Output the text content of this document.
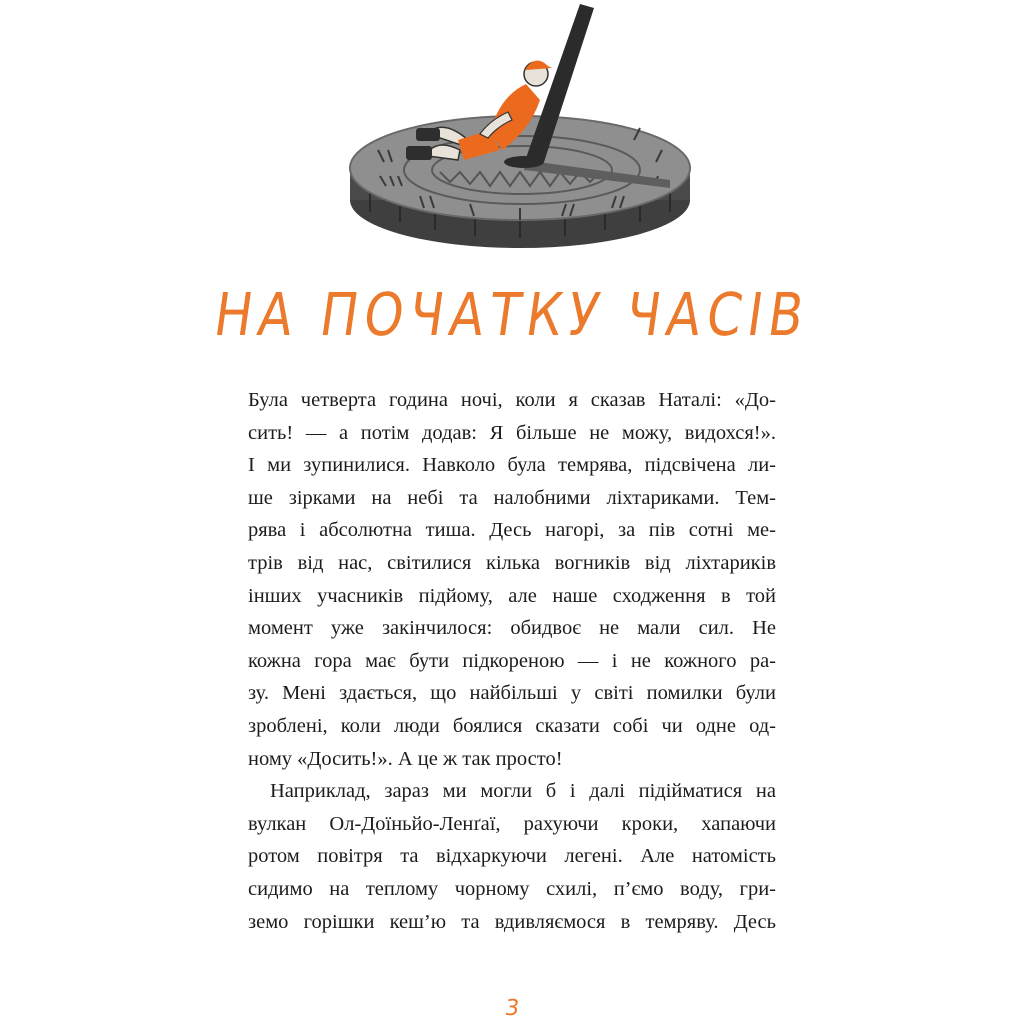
НА ПОЧАТКУ ЧАСІВ
Була четверта година ночі, коли я сказав Наталі: «До-
сить! — а потім додав: Я більше не можу, видохся!».
І ми зупинилися. Навколо була темрява, підсвічена ли-
ше зірками на небі та налобними ліхтариками. Тем-
рява і абсолютна тиша. Десь нагорі, за пів сотні ме-
трів від нас, світилися кілька вогників від ліхтариків
інших учасників підйому, але наше сходження в той
момент уже закінчилося: обидвоє не мали сил. Не
кожна гора має бути підкореною — і не кожного ра-
зу. Мені здається, що найбільші у світі помилки були
зроблені, коли люди боялися сказати собі чи одне од-
ному «Досить!». А це ж так просто!
Наприклад, зараз ми могли б і далі підійматися на
вулкан Ол-Доїньйо-Ленґаї, рахуючи кроки, хапаючи
ротом повітря та відхаркуючи легені. Але натомість
сидимо на теплому чорному схилі, п’ємо воду, гри-
земо горішки кеш’ю та вдивляємося в темряву. Десь
3
